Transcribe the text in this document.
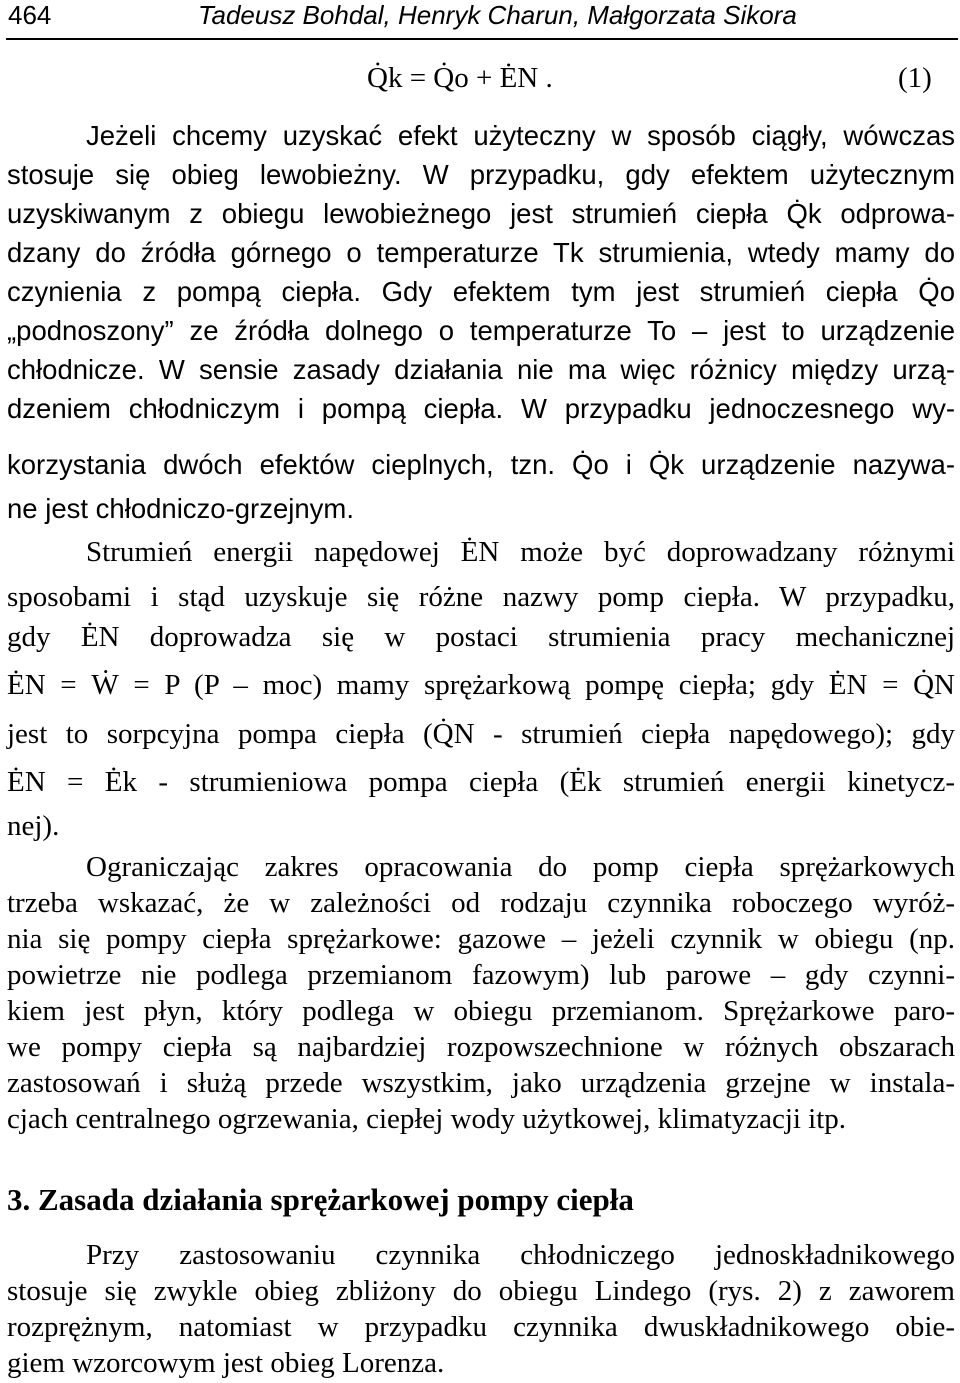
464	Tadeusz Bohdal, Henryk Charun, Małgorzata Sikora
Q̇k = Q̇o + ĖN .	(1)
Jeżeli chcemy uzyskać efekt użyteczny w sposób ciągły, wówczas
stosuje się obieg lewobieżny. W przypadku, gdy efektem użytecznym
uzyskiwanym z obiegu lewobieżnego jest strumień ciepła Q̇k odprowa-
dzany do źródła górnego o temperaturze Tk strumienia, wtedy mamy do
czynienia z pompą ciepła. Gdy efektem tym jest strumień ciepła Q̇o
„podnoszony” ze źródła dolnego o temperaturze To – jest to urządzenie
chłodnicze. W sensie zasady działania nie ma więc różnicy między urzą-
dzeniem chłodniczym i pompą ciepła. W przypadku jednoczesnego wy-
korzystania dwóch efektów cieplnych, tzn. Q̇o i Q̇k urządzenie nazywa-
ne jest chłodniczo-grzejnym.
Strumień energii napędowej ĖN może być doprowadzany różnymi
sposobami i stąd uzyskuje się różne nazwy pomp ciepła. W przypadku,
gdy ĖN doprowadza się w postaci strumienia pracy mechanicznej
ĖN = Ẇ = P (P – moc) mamy sprężarkową pompę ciepła; gdy ĖN = Q̇N
jest to sorpcyjna pompa ciepła (Q̇N - strumień ciepła napędowego); gdy
ĖN = Ėk - strumieniowa pompa ciepła (Ėk strumień energii kinetycz-
nej).
Ograniczając zakres opracowania do pomp ciepła sprężarkowych
trzeba wskazać, że w zależności od rodzaju czynnika roboczego wyróż-
nia się pompy ciepła sprężarkowe: gazowe – jeżeli czynnik w obiegu (np.
powietrze nie podlega przemianom fazowym) lub parowe – gdy czynni-
kiem jest płyn, który podlega w obiegu przemianom. Sprężarkowe paro-
we pompy ciepła są najbardziej rozpowszechnione w różnych obszarach
zastosowań i służą przede wszystkim, jako urządzenia grzejne w instala-
cjach centralnego ogrzewania, ciepłej wody użytkowej, klimatyzacji itp.
3. Zasada działania sprężarkowej pompy ciepła
Przy zastosowaniu czynnika chłodniczego jednoskładnikowego
stosuje się zwykle obieg zbliżony do obiegu Lindego (rys. 2) z zaworem
rozprężnym, natomiast w przypadku czynnika dwuskładnikowego obie-
giem wzorcowym jest obieg Lorenza.
